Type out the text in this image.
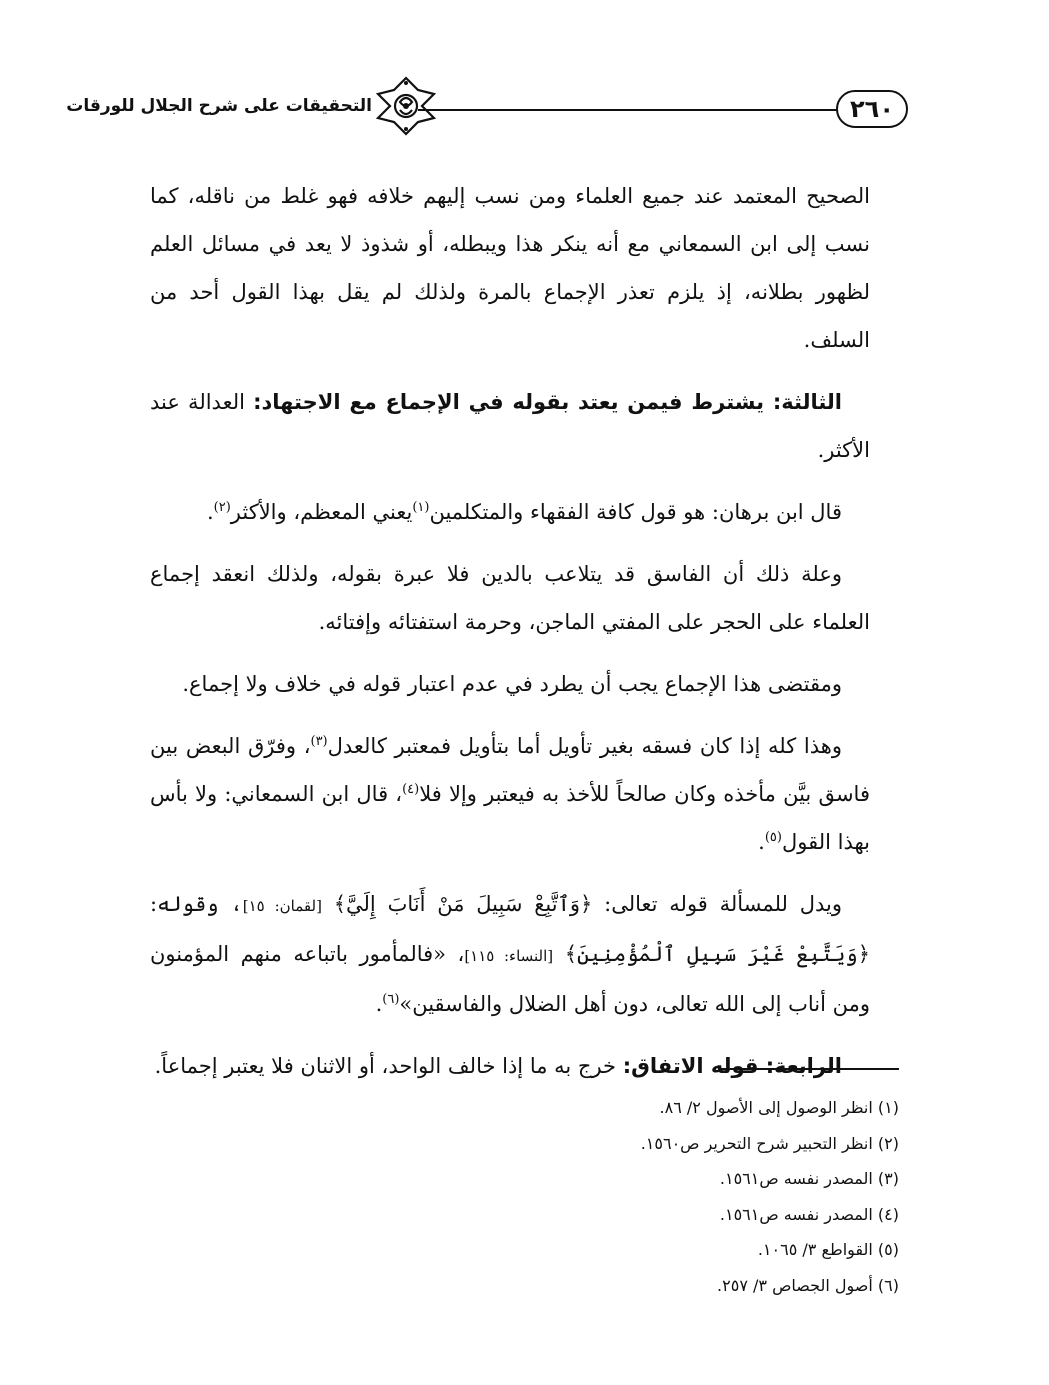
٢٦٠
التحقيقات على شرح الجلال للورقات

الصحيح المعتمد عند جميع العلماء ومن نسب إليهم خلافه فهو غلط من ناقله، كما نسب إلى ابن السمعاني مع أنه ينكر هذا ويبطله، أو شذوذ لا يعد في مسائل العلم لظهور بطلانه، إذ يلزم تعذر الإجماع بالمرة ولذلك لم يقل بهذا القول أحد من السلف.

الثالثة: يشترط فيمن يعتد بقوله في الإجماع مع الاجتهاد: العدالة عند الأكثر.

قال ابن برهان: هو قول كافة الفقهاء والمتكلمين$^{(١)}$يعني المعظم، والأكثر$^{(٢)}$.

وعلة ذلك أن الفاسق قد يتلاعب بالدين فلا عبرة بقوله، ولذلك انعقد إجماع العلماء على الحجر على المفتي الماجن، وحرمة استفتائه وإفتائه.

ومقتضى هذا الإجماع يجب أن يطرد في عدم اعتبار قوله في خلاف ولا إجماع.

وهذا كله إذا كان فسقه بغير تأويل أما بتأويل فمعتبر كالعدل$^{(٣)}$، وفرّق البعض بين فاسق بيَّن مأخذه وكان صالحاً للأخذ به فيعتبر وإلا فلا$^{(٤)}$، قال ابن السمعاني: ولا بأس بهذا القول$^{(٥)}$.

ويدل للمسألة قوله تعالى: ﴿وَٱتَّبِعْ سَبِيلَ مَنْ أَنَابَ إِلَيَّ﴾ [لقمان: ١٥]، وقوله: ﴿وَيَتَّبِعْ غَيْرَ سَبِيلِ ٱلْمُؤْمِنِينَ﴾ [النساء: ١١٥]، «فالمأمور باتباعه منهم المؤمنون ومن أناب إلى الله تعالى، دون أهل الضلال والفاسقين»$^{(٦)}$.

الرابعة: قوله الاتفاق: خرج به ما إذا خالف الواحد، أو الاثنان فلا يعتبر إجماعاً.

(١) انظر الوصول إلى الأصول ٢/ ٨٦.
(٢) انظر التحبير شرح التحرير ص١٥٦٠.
(٣) المصدر نفسه ص١٥٦١.
(٤) المصدر نفسه ص١٥٦١.
(٥) القواطع ٣/ ١٠٦٥.
(٦) أصول الجصاص ٣/ ٢٥٧.
